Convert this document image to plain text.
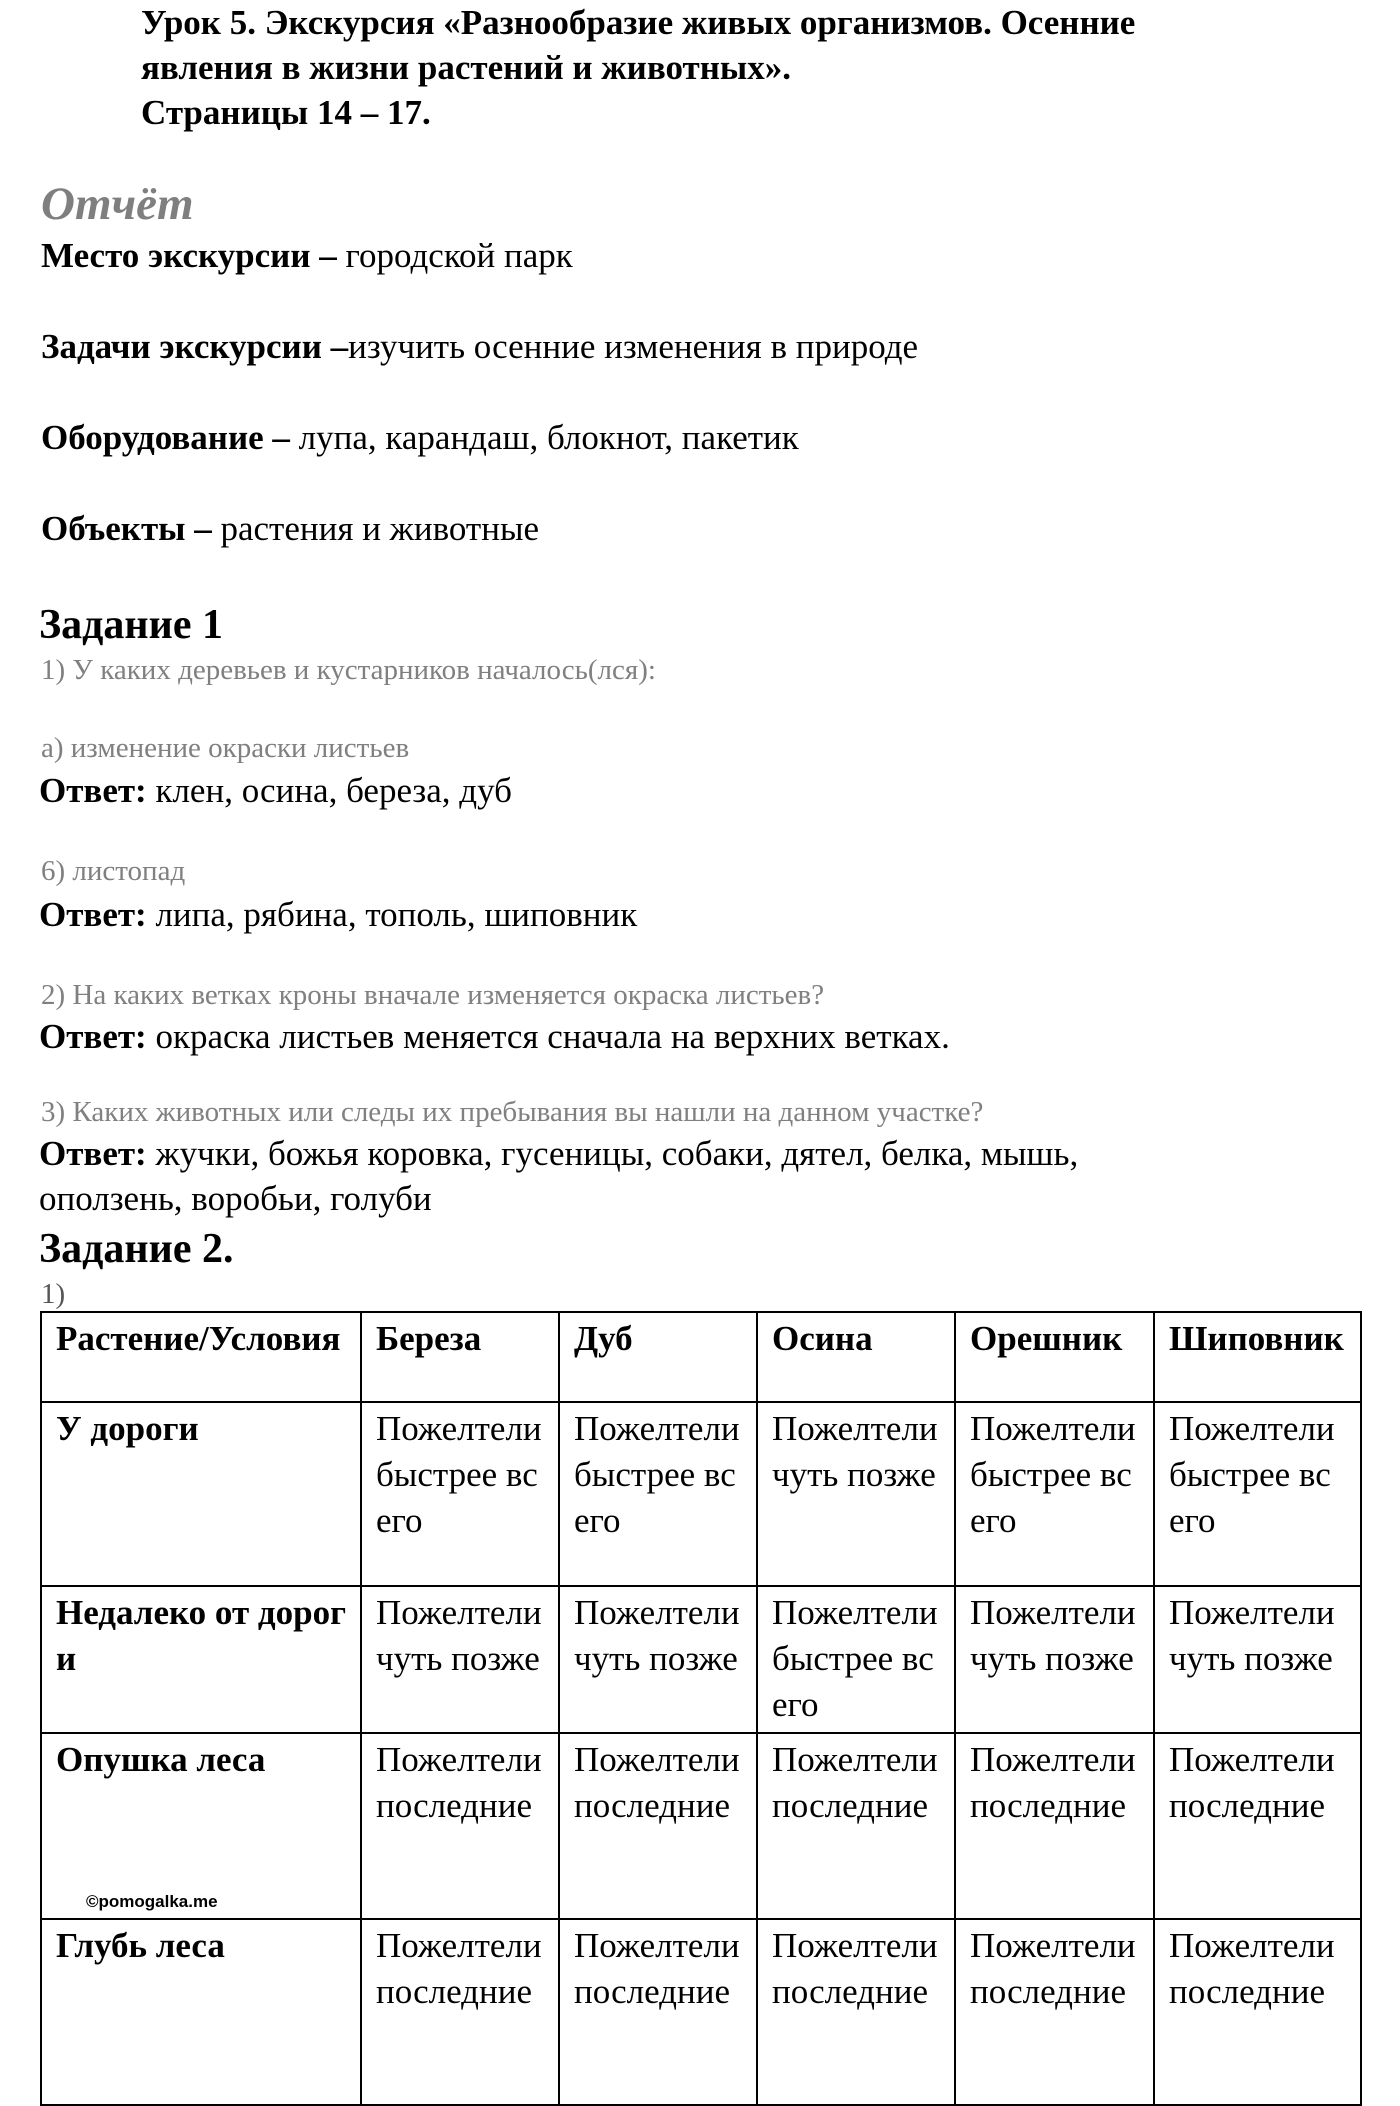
Урок 5. Экскурсия «Разнообразие живых организмов. Осенние
явления в жизни растений и животных».
Страницы 14 – 17.
Отчёт
Место экскурсии – городской парк
Задачи экскурсии –изучить осенние изменения в природе
Оборудование – лупа, карандаш, блокнот, пакетик
Объекты – растения и животные
Задание 1
1) У каких деревьев и кустарников началось(лся):
а) изменение окраски листьев
Ответ: клен, осина, береза, дуб
6) листопад
Ответ: липа, рябина, тополь, шиповник
2) На каких ветках кроны вначале изменяется окраска листьев?
Ответ: окраска листьев меняется сначала на верхних ветках.
3) Каких животных или следы их пребывания вы нашли на данном участке?
Ответ: жучки, божья коровка, гусеницы, собаки, дятел, белка, мышь,
оползень, воробьи, голуби
Задание 2.
1)
Растение/Условия	Береза	Дуб	Осина	Орешник	Шиповник
У дороги	Пожелтели быстрее всего	Пожелтели быстрее всего	Пожелтели чуть позже	Пожелтели быстрее всего	Пожелтели быстрее всего
Недалеко от дороги	Пожелтели чуть позже	Пожелтели чуть позже	Пожелтели быстрее всего	Пожелтели чуть позже	Пожелтели чуть позже
Опушка леса	Пожелтели последние	Пожелтели последние	Пожелтели последние	Пожелтели последние	Пожелтели последние
Глубь леса	Пожелтели последние	Пожелтели последние	Пожелтели последние	Пожелтели последние	Пожелтели последние
©pomogalka.me
